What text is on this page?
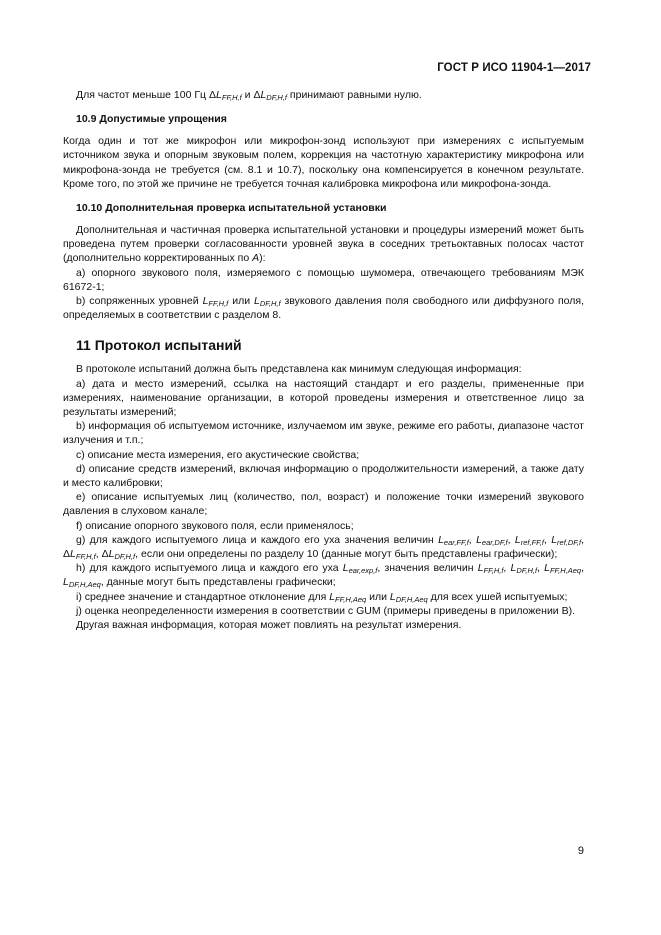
ГОСТ Р ИСО 11904-1—2017

Для частот меньше 100 Гц $\Delta L_{FF,H,f}$ и $\Delta L_{DF,H,f}$ принимают равными нулю.

10.9 Допустимые упрощения

Когда один и тот же микрофон или микрофон-зонд используют при измерениях с испытуемым источником звука и опорным звуковым полем, коррекция на частотную характеристику микрофона или микрофона-зонда не требуется (см. 8.1 и 10.7), поскольку она компенсируется в конечном результате. Кроме того, по этой же причине не требуется точная калибровка микрофона или микрофона-зонда.

10.10 Дополнительная проверка испытательной установки

Дополнительная и частичная проверка испытательной установки и процедуры измерений может быть проведена путем проверки согласованности уровней звука в соседних третьоктавных полосах частот (дополнительно корректированных по A):

a) опорного звукового поля, измеряемого с помощью шумомера, отвечающего требованиям МЭК 61672-1;

b) сопряженных уровней $L_{FF,H,f}$ или $L_{DF,H,f}$ звукового давления поля свободного или диффузного поля, определяемых в соответствии с разделом 8.

11 Протокол испытаний

В протоколе испытаний должна быть представлена как минимум следующая информация:

а) дата и место измерений, ссылка на настоящий стандарт и его разделы, примененные при измерениях, наименование организации, в которой проведены измерения и ответственное лицо за результаты измерений;

b) информация об испытуемом источнике, излучаемом им звуке, режиме его работы, диапазоне частот излучения и т.п.;

c) описание места измерения, его акустические свойства;

d) описание средств измерений, включая информацию о продолжительности измерений, а также дату и место калибровки;

e) описание испытуемых лиц (количество, пол, возраст) и положение точки измерений звукового давления в слуховом канале;

f) описание опорного звукового поля, если применялось;

g) для каждого испытуемого лица и каждого его уха значения величин $L_{ear,FF,f}$, $L_{ear,DF,f}$, $L_{ref,FF,f}$, $L_{ref,DF,f}$, $\Delta L_{FF,H,f}$, $\Delta L_{DF,H,f}$, если они определены по разделу 10 (данные могут быть представлены графически);

h) для каждого испытуемого лица и каждого его уха $L_{ear,exp,f}$, значения величин $L_{FF,H,f}$, $L_{DF,H,f}$, $L_{FF,H,Aeq}$, $L_{DF,H,Aeq}$, данные могут быть представлены графически;

i) среднее значение и стандартное отклонение для $L_{FF,H,Aeq}$ или $L_{DF,H,Aeq}$ для всех ушей испытуемых;

j) оценка неопределенности измерения в соответствии с GUM (примеры приведены в приложении В).

Другая важная информация, которая может повлиять на результат измерения.

9
